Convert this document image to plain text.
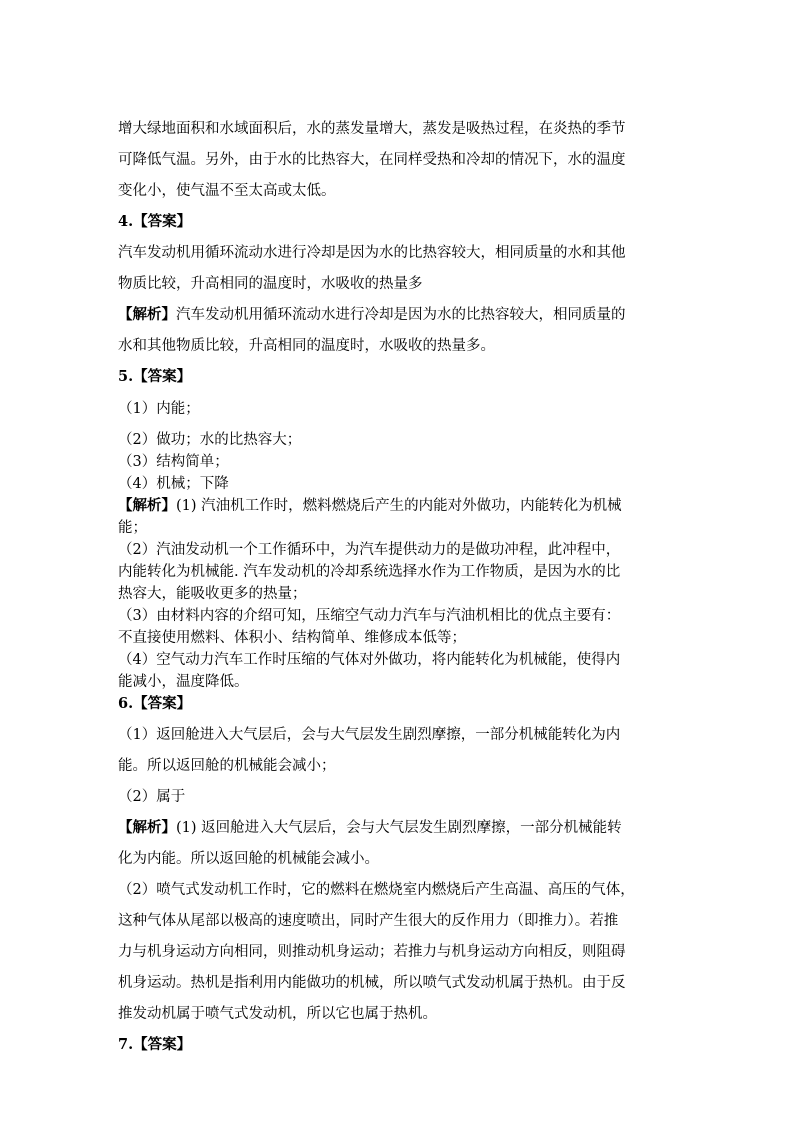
增大绿地面积和水域面积后，水的蒸发量增大，蒸发是吸热过程，在炎热的季节
可降低气温。另外，由于水的比热容大，在同样受热和冷却的情况下，水的温度
变化小，使气温不至太高或太低。
4.【答案】
汽车发动机用循环流动水进行冷却是因为水的比热容较大，相同质量的水和其他
物质比较，升高相同的温度时，水吸收的热量多
【解析】汽车发动机用循环流动水进行冷却是因为水的比热容较大，相同质量的
水和其他物质比较，升高相同的温度时，水吸收的热量多。
5.【答案】
（1）内能；
（2）做功；水的比热容大；
（3）结构简单；
（4）机械；下降
【解析】(1) 汽油机工作时，燃料燃烧后产生的内能对外做功，内能转化为机械
能；
（2）汽油发动机一个工作循环中，为汽车提供动力的是做功冲程，此冲程中，
内能转化为机械能. 汽车发动机的冷却系统选择水作为工作物质，是因为水的比
热容大，能吸收更多的热量；
（3）由材料内容的介绍可知，压缩空气动力汽车与汽油机相比的优点主要有：
不直接使用燃料、体积小、结构简单、维修成本低等；
（4）空气动力汽车工作时压缩的气体对外做功，将内能转化为机械能，使得内
能减小，温度降低。
6.【答案】
（1）返回舱进入大气层后，会与大气层发生剧烈摩擦，一部分机械能转化为内
能。所以返回舱的机械能会减小；
（2）属于
【解析】(1) 返回舱进入大气层后，会与大气层发生剧烈摩擦，一部分机械能转
化为内能。所以返回舱的机械能会减小。
（2）喷气式发动机工作时，它的燃料在燃烧室内燃烧后产生高温、高压的气体，
这种气体从尾部以极高的速度喷出，同时产生很大的反作用力（即推力）。若推
力与机身运动方向相同，则推动机身运动；若推力与机身运动方向相反，则阻碍
机身运动。热机是指利用内能做功的机械，所以喷气式发动机属于热机。由于反
推发动机属于喷气式发动机，所以它也属于热机。
7.【答案】
